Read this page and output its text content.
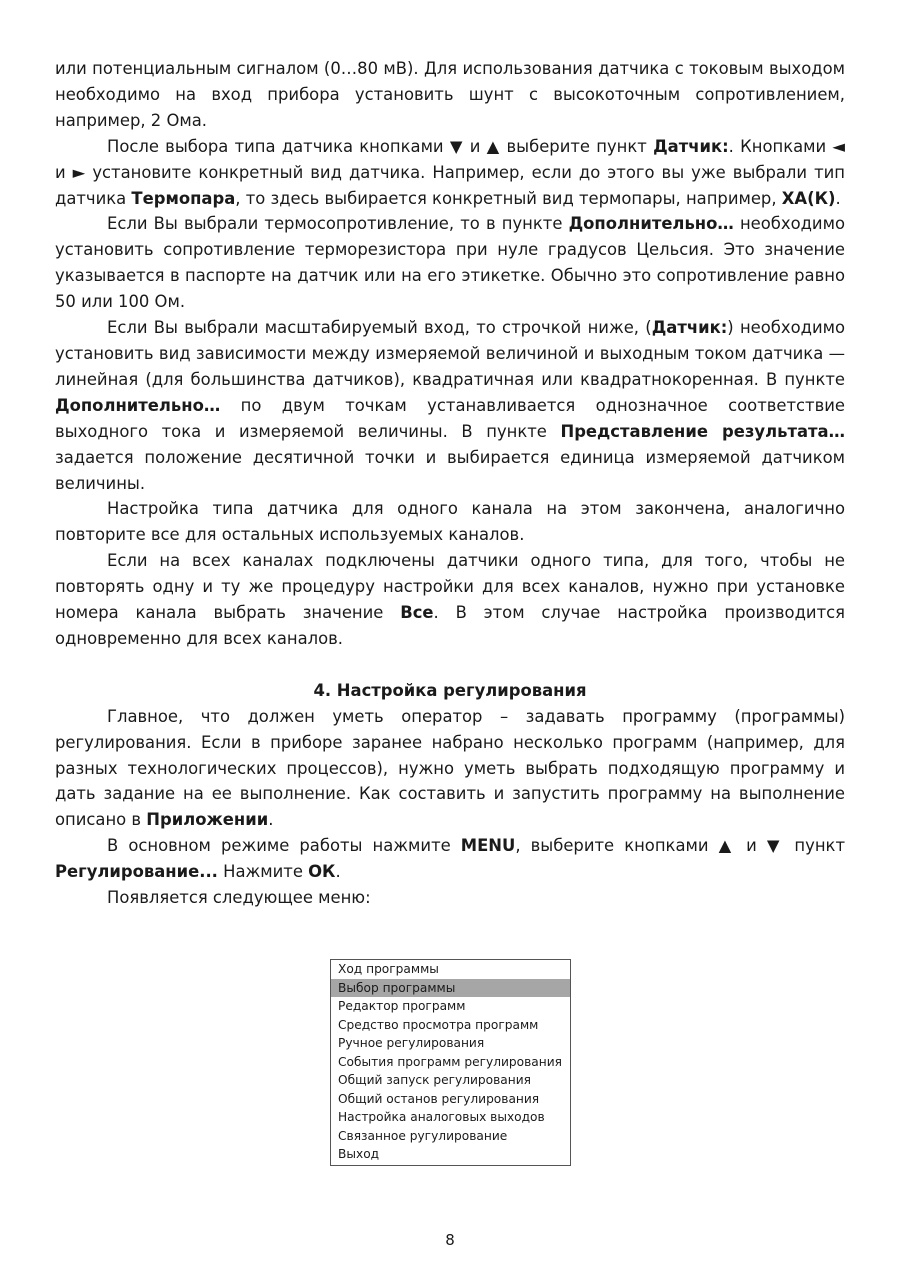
или потенциальным сигналом (0…80 мВ). Для использования датчика с токовым выходом необходимо на вход прибора установить шунт с высокоточным сопротивлением, например, 2 Ома.

После выбора типа датчика кнопками ▼ и ▲ выберите пункт Датчик:. Кнопками ◄ и ► установите конкретный вид датчика. Например, если до этого вы уже выбрали тип датчика Термопара, то здесь выбирается конкретный вид термопары, например, ХА(К).

Если Вы выбрали термосопротивление, то в пункте Дополнительно… необходимо установить сопротивление терморезистора при нуле градусов Цельсия. Это значение указывается в паспорте на датчик или на его этикетке. Обычно это сопротивление равно 50 или 100 Ом.

Если Вы выбрали масштабируемый вход, то строчкой ниже, (Датчик:) необходимо установить вид зависимости между измеряемой величиной и выходным током датчика — линейная (для большинства датчиков), квадратичная или квадратнокоренная. В пункте Дополнительно… по двум точкам устанавливается однозначное соответствие выходного тока и измеряемой величины. В пункте Представление результата… задается положение десятичной точки и выбирается единица измеряемой датчиком величины.

Настройка типа датчика для одного канала на этом закончена, аналогично повторите все для остальных используемых каналов.

Если на всех каналах подключены датчики одного типа, для того, чтобы не повторять одну и ту же процедуру настройки для всех каналов, нужно при установке номера канала выбрать значение Все. В этом случае настройка производится одновременно для всех каналов.

4. Настройка регулирования

Главное, что должен уметь оператор – задавать программу (программы) регулирования. Если в приборе заранее набрано несколько программ (например, для разных технологических процессов), нужно уметь выбрать подходящую программу и дать задание на ее выполнение. Как составить и запустить программу на выполнение описано в Приложении.

В основном режиме работы нажмите MENU, выберите кнопками ▲ и ▼ пункт Регулирование... Нажмите ОК.

Появляется следующее меню:

Ход программы
Выбор программы
Редактор программ
Средство просмотра программ
Ручное регулирования
События программ регулирования
Общий запуск регулирования
Общий останов регулирования
Настройка аналоговых выходов
Связанное ругулирование
Выход
8
